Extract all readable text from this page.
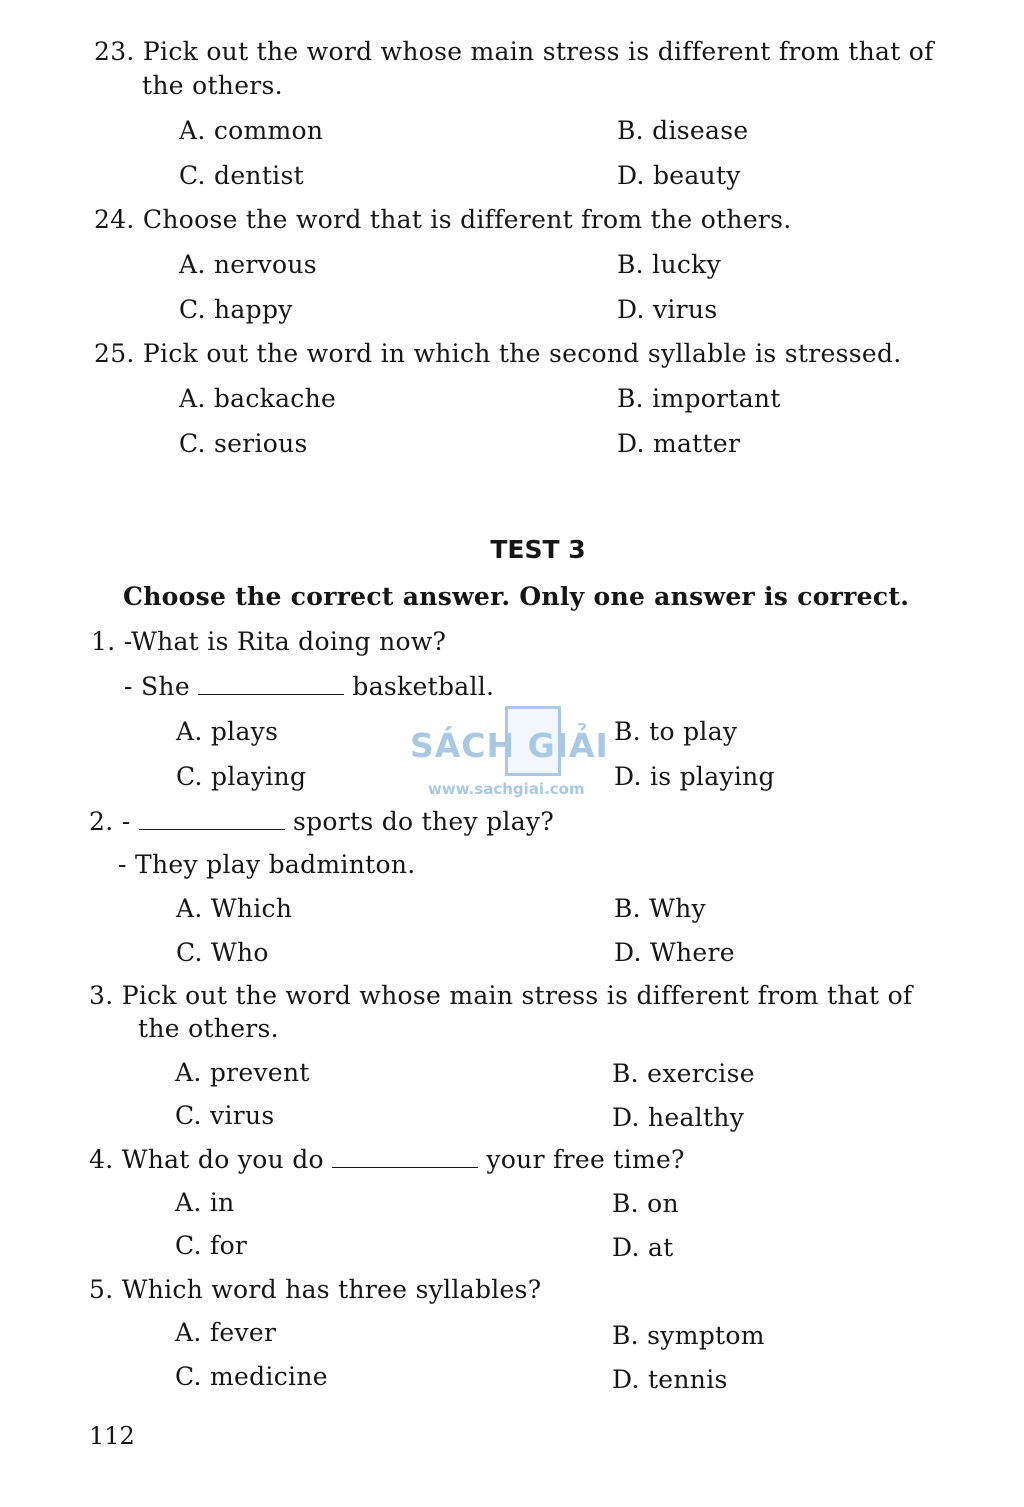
23. Pick out the word whose main stress is different from that of
the others.
A. common	B. disease
C. dentist	D. beauty
24. Choose the word that is different from the others.
A. nervous	B. lucky
C. happy	D. virus
25. Pick out the word in which the second syllable is stressed.
A. backache	B. important
C. serious	D. matter
TEST 3
Choose the correct answer. Only one answer is correct.
1. -What is Rita doing now?
- She	basketball.
A. plays	B. to play
C. playing	D. is playing
2. -	sports do they play?
- They play badminton.
A. Which	B. Why
C. Who	D. Where
3. Pick out the word whose main stress is different from that of
the others.
A. prevent	B. exercise
C. virus	D. healthy
4. What do you do	your free time?
A. in	B. on
C. for	D. at
5. Which word has three syllables?
A. fever	B. symptom
C. medicine	D. tennis
112
SÁCH GIẢI
www.sachgiai.com
